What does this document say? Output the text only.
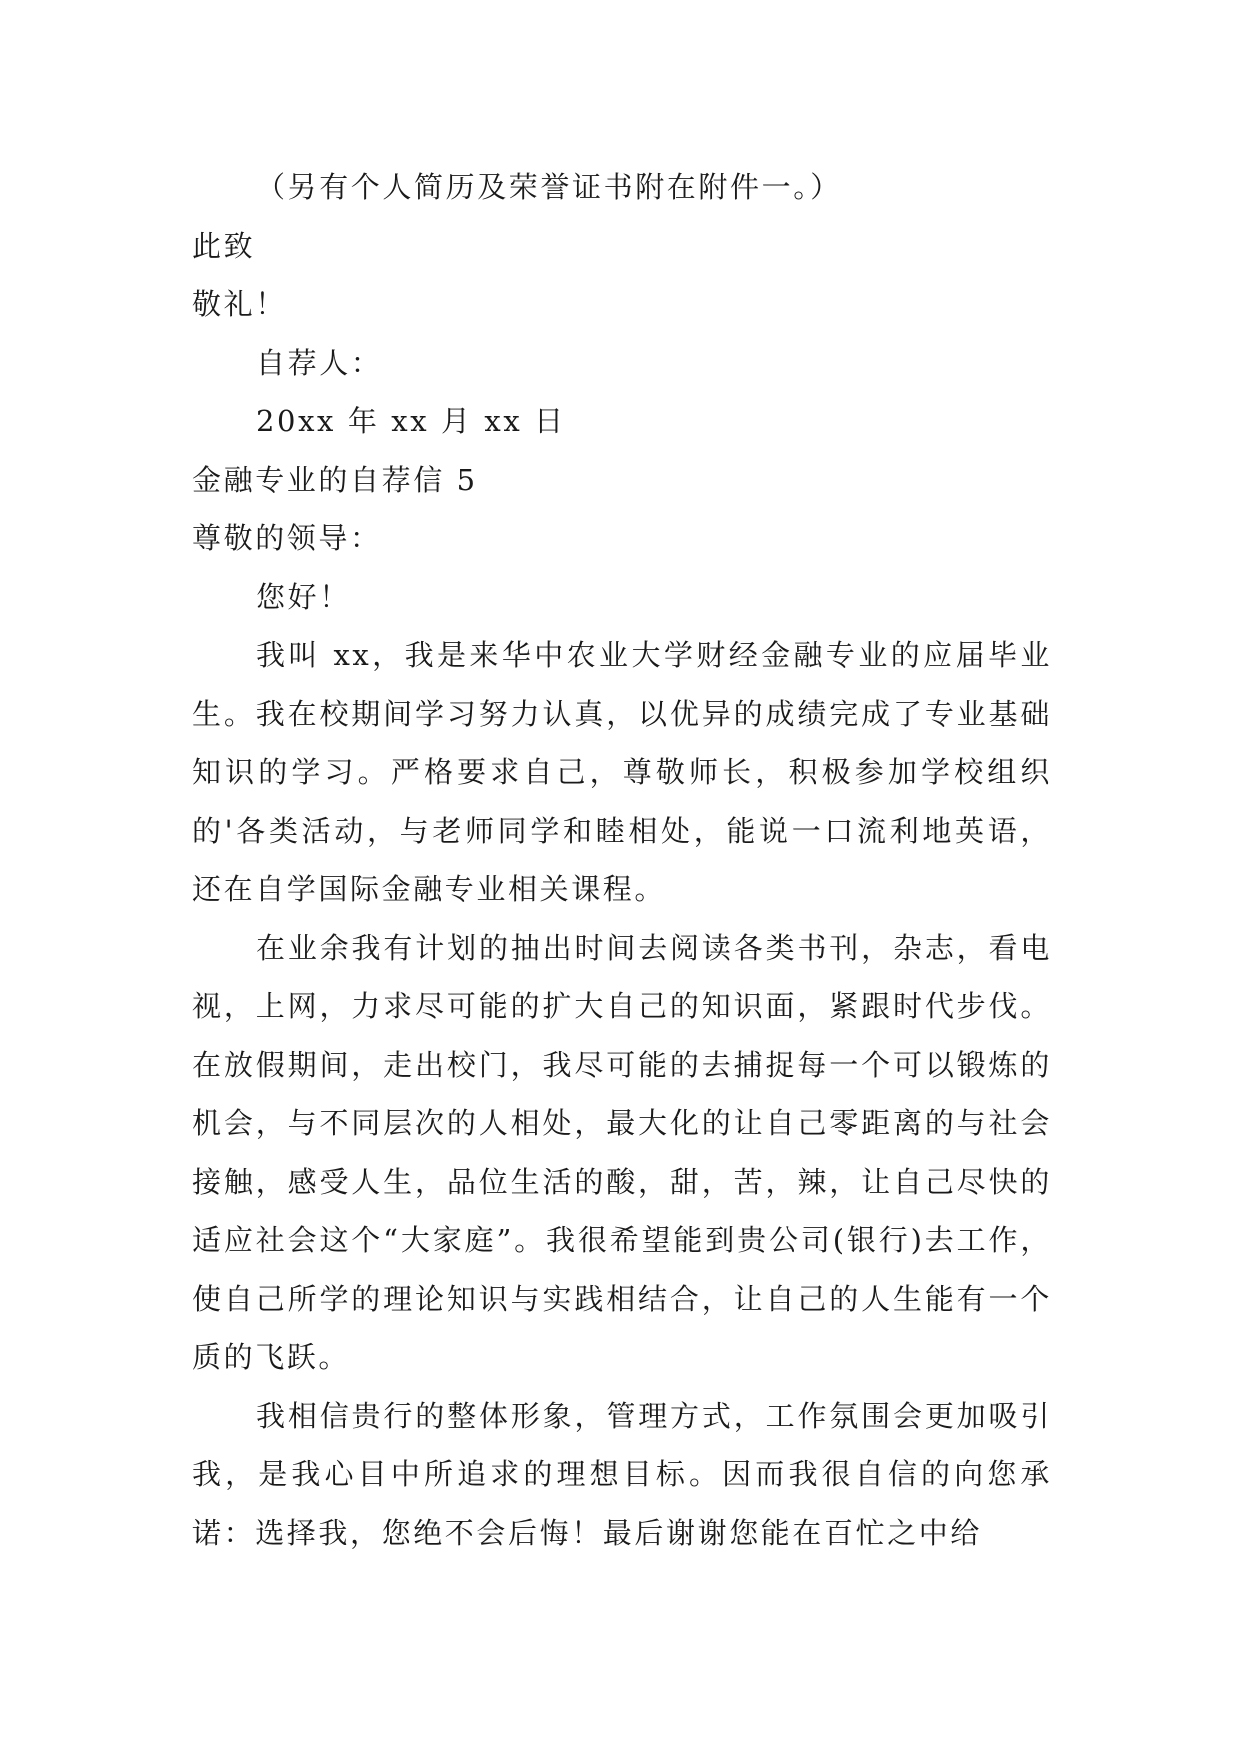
（另有个人简历及荣誉证书附在附件一。）
此致
敬礼！
自荐人：
20xx 年 xx 月 xx 日
金融专业的自荐信 5
尊敬的领导：
您好！

我叫 xx，我是来华中农业大学财经金融专业的应届毕业生。我在校期间学习努力认真，以优异的成绩完成了专业基础知识的学习。严格要求自己，尊敬师长，积极参加学校组织的'各类活动，与老师同学和睦相处，能说一口流利地英语，还在自学国际金融专业相关课程。

在业余我有计划的抽出时间去阅读各类书刊，杂志，看电视，上网，力求尽可能的扩大自己的知识面，紧跟时代步伐。在放假期间，走出校门，我尽可能的去捕捉每一个可以锻炼的机会，与不同层次的人相处，最大化的让自己零距离的与社会接触，感受人生，品位生活的酸，甜，苦，辣，让自己尽快的适应社会这个“大家庭”。我很希望能到贵公司(银行)去工作，使自己所学的理论知识与实践相结合，让自己的人生能有一个质的飞跃。

我相信贵行的整体形象，管理方式，工作氛围会更加吸引我，是我心目中所追求的理想目标。因而我很自信的向您承诺：选择我，您绝不会后悔！最后谢谢您能在百忙之中给
